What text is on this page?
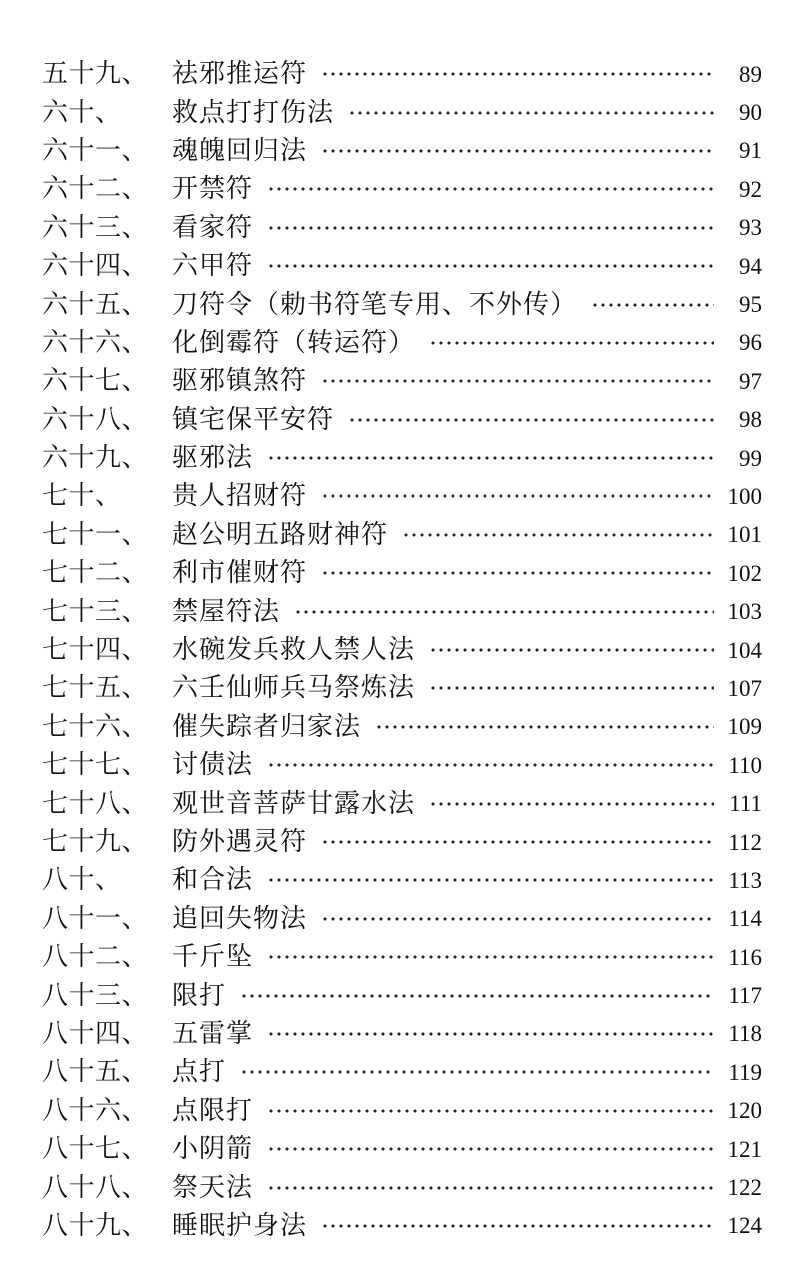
五十九、 祛邪推运符	89
六十、	救点打打伤法	90
六十一、 魂魄回归法	91
六十二、 开禁符	92
六十三、 看家符	93
六十四、 六甲符	94
六十五、 刀符令（勅书符笔专用、不外传）	95
六十六、 化倒霉符（转运符）	96
六十七、 驱邪镇煞符	97
六十八、 镇宅保平安符	98
六十九、 驱邪法	99
七十、	贵人招财符	100
七十一、 赵公明五路财神符	101
七十二、 利市催财符	102
七十三、 禁屋符法	103
七十四、 水碗发兵救人禁人法	104
七十五、 六壬仙师兵马祭炼法	107
七十六、 催失踪者归家法	109
七十七、 讨债法	110
七十八、 观世音菩萨甘露水法	111
七十九、 防外遇灵符	112
八十、	和合法	113
八十一、 追回失物法	114
八十二、 千斤坠	116
八十三、 限打	117
八十四、 五雷掌	118
八十五、 点打	119
八十六、 点限打	120
八十七、 小阴箭	121
八十八、 祭天法	122
八十九、 睡眠护身法	124
